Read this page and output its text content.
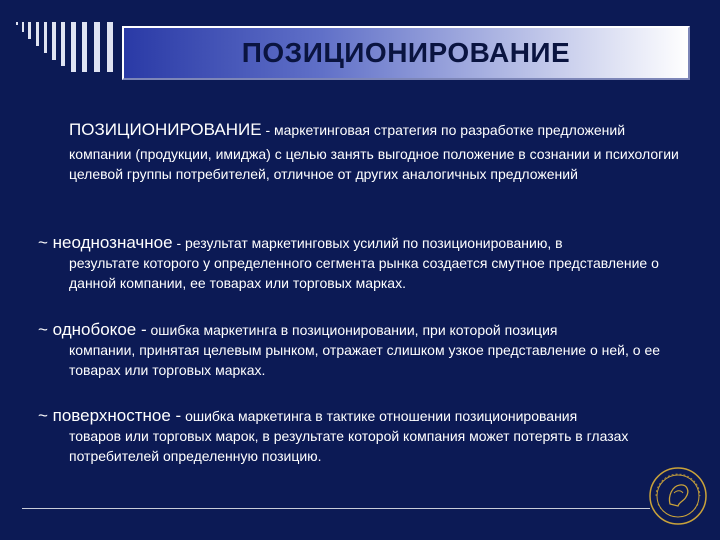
ПОЗИЦИОНИРОВАНИЕ
ПОЗИЦИОНИРОВАНИЕ - маркетинговая стратегия по разработке предложений
компании (продукции, имиджа) с целью занять выгодное положение в сознании и психологии целевой группы потребителей, отличное от других аналогичных предложений
~ неоднозначное - результат маркетинговых усилий по позиционированию, в
результате которого у определенного сегмента рынка создается смутное представление о данной компании, ее товарах или торговых марках.
~ однобокое - ошибка маркетинга в позиционировании, при которой позиция
компании, принятая целевым рынком, отражает слишком узкое представление о ней, о ее товарах или торговых марках.
~ поверхностное - ошибка маркетинга в тактике отношении позиционирования
товаров или торговых марок, в результате которой компания может потерять в глазах потребителей определенную позицию.
